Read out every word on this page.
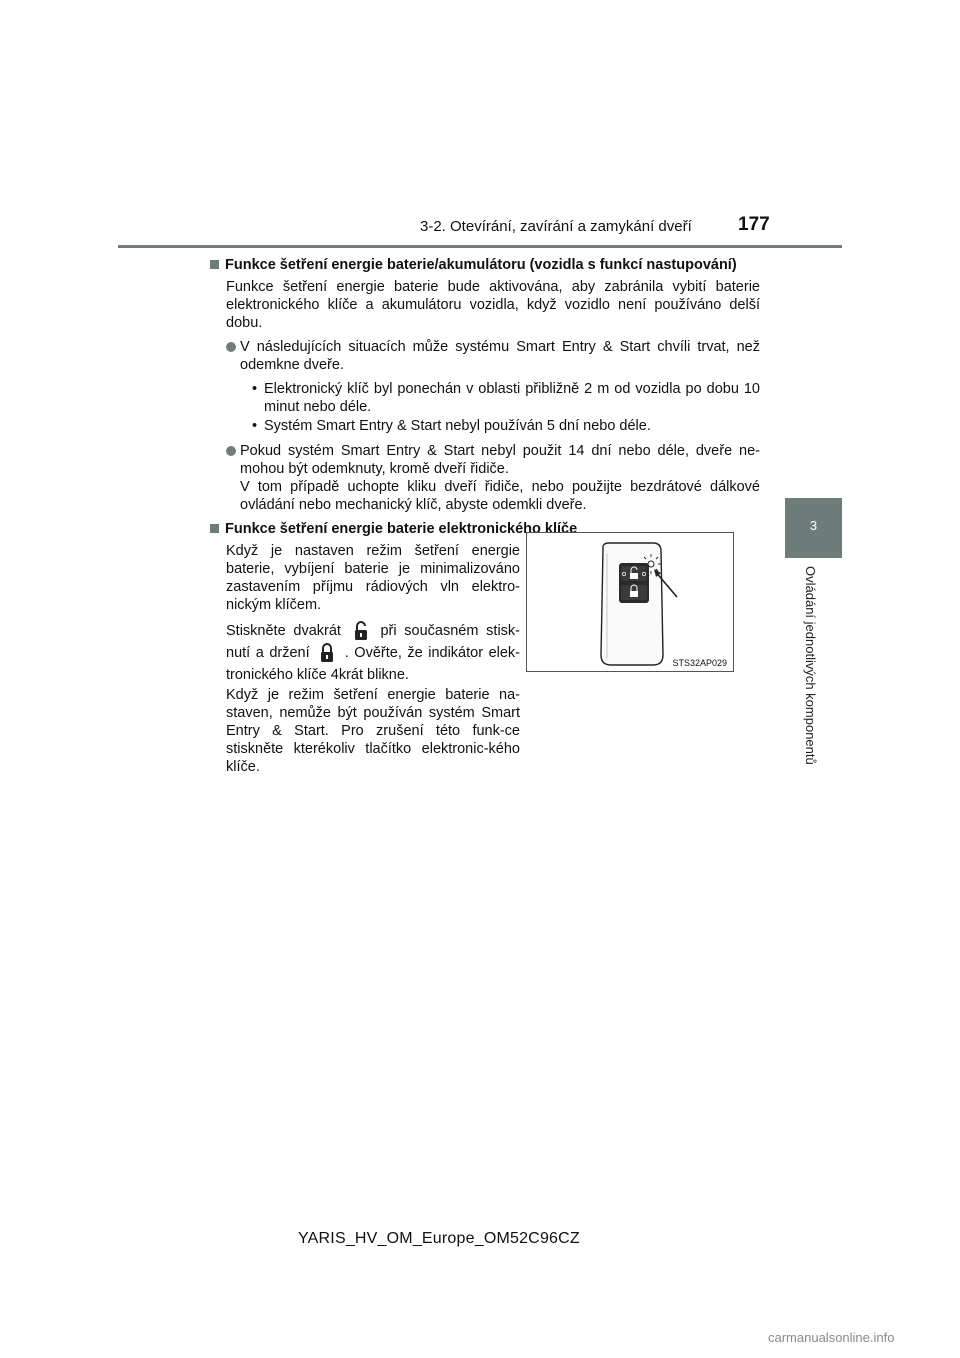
3-2. Otevírání, zavírání a zamykání dveří 177
3
Ovládání jednotlivých komponentů
Funkce šetření energie baterie/akumulátoru (vozidla s funkcí nastupování)

Funkce šetření energie baterie bude aktivována, aby zabránila vybití baterie elektronického klíče a akumulátoru vozidla, když vozidlo není používáno delší dobu.

V následujících situacích může systému Smart Entry & Start chvíli trvat, než odemkne dveře.
• Elektronický klíč byl ponechán v oblasti přibližně 2 m od vozidla po dobu 10 minut nebo déle.
• Systém Smart Entry & Start nebyl používán 5 dní nebo déle.
Pokud systém Smart Entry & Start nebyl použit 14 dní nebo déle, dveře ne-mohou být odemknuty, kromě dveří řidiče.
V tom případě uchopte kliku dveří řidiče, nebo použijte bezdrátové dálkové ovládání nebo mechanický klíč, abyste odemkli dveře.
Funkce šetření energie baterie elektronického klíče

Když je nastaven režim šetření energie baterie, vybíjení baterie je minimalizováno zastavením příjmu rádiových vln elektro-nickým klíčem.

Stiskněte dvakrát	při současném stisk-nutí a držení . Ověřte, že indikátor elek-tronického klíče 4krát blikne.

Když je režim šetření energie baterie na-staven, nemůže být používán systém Smart Entry & Start. Pro zrušení této funk-ce stiskněte kterékoliv tlačítko elektronic-kého klíče.

STS32AP029
YARIS_HV_OM_Europe_OM52C96CZ
carmanualsonline.info
